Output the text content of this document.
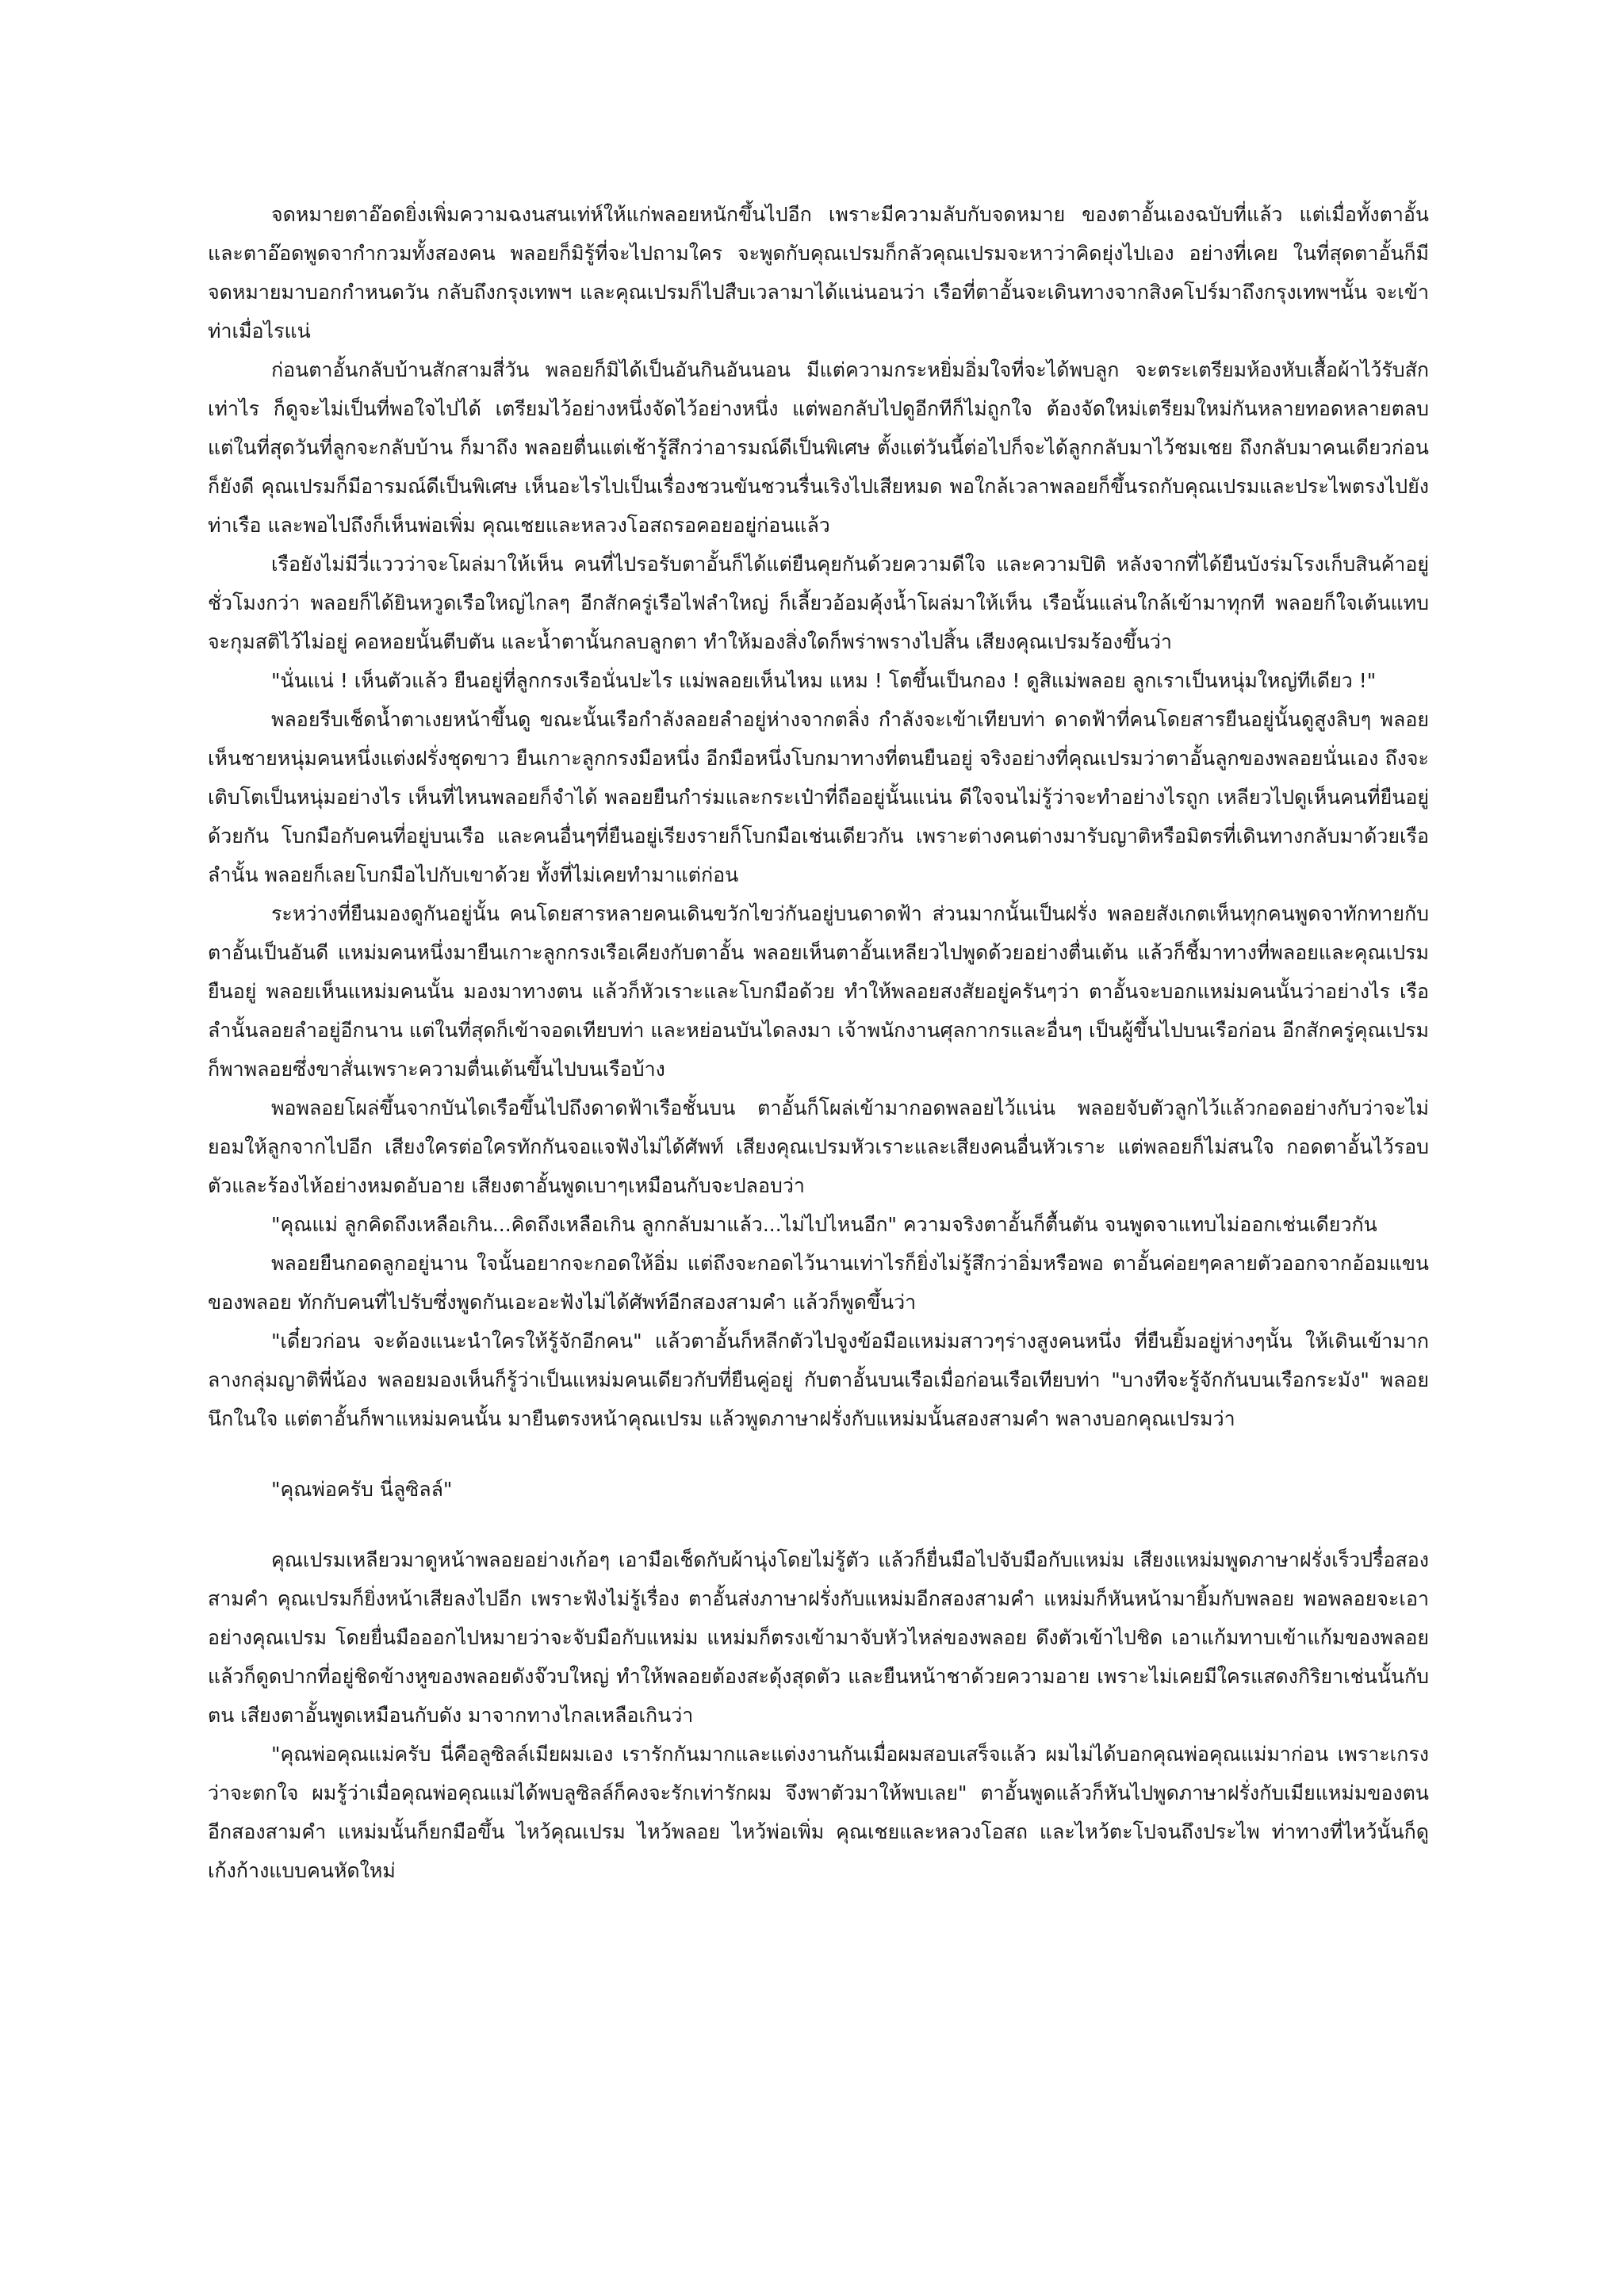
จดหมายตาอ๊อดยิ่งเพิ่มความฉงนสนเท่ห์ให้แก่พลอยหนักขึ้นไปอีก เพราะมีความลับกับจดหมาย ของตาอั้นเองฉบับที่แล้ว แต่เมื่อทั้งตาอั้นและตาอ๊อดพูดจากำกวมทั้งสองคน พลอยก็มิรู้ที่จะไปถามใคร จะพูดกับคุณเปรมก็กลัวคุณเปรมจะหาว่าคิดยุ่งไปเอง อย่างที่เคย ในที่สุดตาอั้นก็มีจดหมายมาบอกกำหนดวัน กลับถึงกรุงเทพฯ และคุณเปรมก็ไปสืบเวลามาได้แน่นอนว่า เรือที่ตาอั้นจะเดินทางจากสิงคโปร์มาถึงกรุงเทพฯนั้น จะเข้าท่าเมื่อไรแน่

ก่อนตาอั้นกลับบ้านสักสามสี่วัน พลอยก็มิได้เป็นอันกินอันนอน มีแต่ความกระหยิ่มอิ่มใจที่จะได้พบลูก จะตระเตรียมห้องหับเสื้อผ้าไว้รับสักเท่าไร ก็ดูจะไม่เป็นที่พอใจไปได้ เตรียมไว้อย่างหนึ่งจัดไว้อย่างหนึ่ง แต่พอกลับไปดูอีกทีก็ไม่ถูกใจ ต้องจัดใหม่เตรียมใหม่กันหลายทอดหลายตลบ แต่ในที่สุดวันที่ลูกจะกลับบ้าน ก็มาถึง พลอยตื่นแต่เช้ารู้สึกว่าอารมณ์ดีเป็นพิเศษ ตั้งแต่วันนี้ต่อไปก็จะได้ลูกกลับมาไว้ชมเชย ถึงกลับมาคนเดียวก่อนก็ยังดี คุณเปรมก็มีอารมณ์ดีเป็นพิเศษ เห็นอะไรไปเป็นเรื่องชวนขันชวนรื่นเริงไปเสียหมด พอใกล้เวลาพลอยก็ขึ้นรถกับคุณเปรมและประไพตรงไปยังท่าเรือ และพอไปถึงก็เห็นพ่อเพิ่ม คุณเชยและหลวงโอสถรอคอยอยู่ก่อนแล้ว

เรือยังไม่มีวี่แววว่าจะโผล่มาให้เห็น คนที่ไปรอรับตาอั้นก็ได้แต่ยืนคุยกันด้วยความดีใจ และความปิติ หลังจากที่ได้ยืนบังร่มโรงเก็บสินค้าอยู่ชั่วโมงกว่า พลอยก็ได้ยินหวูดเรือใหญ่ไกลๆ อีกสักครู่เรือไฟลำใหญ่ ก็เลี้ยวอ้อมคุ้งน้ำโผล่มาให้เห็น เรือนั้นแล่นใกล้เข้ามาทุกที พลอยก็ใจเต้นแทบจะกุมสติไว้ไม่อยู่ คอหอยนั้นตีบตัน และน้ำตานั้นกลบลูกตา ทำให้มองสิ่งใดก็พร่าพรางไปสิ้น เสียงคุณเปรมร้องขึ้นว่า

"นั่นแน่ ! เห็นตัวแล้ว ยืนอยู่ที่ลูกกรงเรือนั่นปะไร แม่พลอยเห็นไหม แหม ! โตขึ้นเป็นกอง ! ดูสิแม่พลอย ลูกเราเป็นหนุ่มใหญ่ทีเดียว !"

พลอยรีบเช็ดน้ำตาเงยหน้าขึ้นดู ขณะนั้นเรือกำลังลอยลำอยู่ห่างจากตลิ่ง กำลังจะเข้าเทียบท่า ดาดฟ้าที่คนโดยสารยืนอยู่นั้นดูสูงลิบๆ พลอยเห็นชายหนุ่มคนหนึ่งแต่งฝรั่งชุดขาว ยืนเกาะลูกกรงมือหนึ่ง อีกมือหนึ่งโบกมาทางที่ตนยืนอยู่ จริงอย่างที่คุณเปรมว่าตาอั้นลูกของพลอยนั่นเอง ถึงจะเติบโตเป็นหนุ่มอย่างไร เห็นที่ไหนพลอยก็จำได้ พลอยยืนกำร่มและกระเป๋าที่ถืออยู่นั้นแน่น ดีใจจนไม่รู้ว่าจะทำอย่างไรถูก เหลียวไปดูเห็นคนที่ยืนอยู่ด้วยกัน โบกมือกับคนที่อยู่บนเรือ และคนอื่นๆที่ยืนอยู่เรียงรายก็โบกมือเช่นเดียวกัน เพราะต่างคนต่างมารับญาติหรือมิตรที่เดินทางกลับมาด้วยเรือลำนั้น พลอยก็เลยโบกมือไปกับเขาด้วย ทั้งที่ไม่เคยทำมาแต่ก่อน

ระหว่างที่ยืนมองดูกันอยู่นั้น คนโดยสารหลายคนเดินขวักไขว่กันอยู่บนดาดฟ้า ส่วนมากนั้นเป็นฝรั่ง พลอยสังเกตเห็นทุกคนพูดจาทักทายกับตาอั้นเป็นอันดี แหม่มคนหนึ่งมายืนเกาะลูกกรงเรือเคียงกับตาอั้น พลอยเห็นตาอั้นเหลียวไปพูดด้วยอย่างตื่นเต้น แล้วก็ชี้มาทางที่พลอยและคุณเปรมยืนอยู่ พลอยเห็นแหม่มคนนั้น มองมาทางตน แล้วก็หัวเราะและโบกมือด้วย ทำให้พลอยสงสัยอยู่ครันๆว่า ตาอั้นจะบอกแหม่มคนนั้นว่าอย่างไร เรือลำนั้นลอยลำอยู่อีกนาน แต่ในที่สุดก็เข้าจอดเทียบท่า และหย่อนบันไดลงมา เจ้าพนักงานศุลกากรและอื่นๆ เป็นผู้ขึ้นไปบนเรือก่อน อีกสักครู่คุณเปรมก็พาพลอยซึ่งขาสั่นเพราะความตื่นเต้นขึ้นไปบนเรือบ้าง

พอพลอยโผล่ขึ้นจากบันไดเรือขึ้นไปถึงดาดฟ้าเรือชั้นบน ตาอั้นก็โผล่เข้ามากอดพลอยไว้แน่น พลอยจับตัวลูกไว้แล้วกอดอย่างกับว่าจะไม่ยอมให้ลูกจากไปอีก เสียงใครต่อใครทักกันจอแจฟังไม่ได้ศัพท์ เสียงคุณเปรมหัวเราะและเสียงคนอื่นหัวเราะ แต่พลอยก็ไม่สนใจ กอดตาอั้นไว้รอบตัวและร้องไห้อย่างหมดอับอาย เสียงตาอั้นพูดเบาๆเหมือนกับจะปลอบว่า

"คุณแม่ ลูกคิดถึงเหลือเกิน...คิดถึงเหลือเกิน ลูกกลับมาแล้ว...ไม่ไปไหนอีก" ความจริงตาอั้นก็ตื้นตัน จนพูดจาแทบไม่ออกเช่นเดียวกัน

พลอยยืนกอดลูกอยู่นาน ใจนั้นอยากจะกอดให้อิ่ม แต่ถึงจะกอดไว้นานเท่าไรก็ยิ่งไม่รู้สึกว่าอิ่มหรือพอ ตาอั้นค่อยๆคลายตัวออกจากอ้อมแขนของพลอย ทักกับคนที่ไปรับซึ่งพูดกันเอะอะฟังไม่ได้ศัพท์อีกสองสามคำ แล้วก็พูดขึ้นว่า

"เดี๋ยวก่อน จะต้องแนะนำใครให้รู้จักอีกคน" แล้วตาอั้นก็หลีกตัวไปจูงข้อมือแหม่มสาวๆร่างสูงคนหนึ่ง ที่ยืนยิ้มอยู่ห่างๆนั้น ให้เดินเข้ามากลางกลุ่มญาติพี่น้อง พลอยมองเห็นก็รู้ว่าเป็นแหม่มคนเดียวกับที่ยืนคู่อยู่ กับตาอั้นบนเรือเมื่อก่อนเรือเทียบท่า "บางทีจะรู้จักกันบนเรือกระมัง" พลอยนึกในใจ แต่ตาอั้นก็พาแหม่มคนนั้น มายืนตรงหน้าคุณเปรม แล้วพูดภาษาฝรั่งกับแหม่มนั้นสองสามคำ พลางบอกคุณเปรมว่า

"คุณพ่อครับ นี่ลูซิลล์"

คุณเปรมเหลียวมาดูหน้าพลอยอย่างเก้อๆ เอามือเช็ดกับผ้านุ่งโดยไม่รู้ตัว แล้วก็ยื่นมือไปจับมือกับแหม่ม เสียงแหม่มพูดภาษาฝรั่งเร็วปรื๋อสองสามคำ คุณเปรมก็ยิ่งหน้าเสียลงไปอีก เพราะฟังไม่รู้เรื่อง ตาอั้นส่งภาษาฝรั่งกับแหม่มอีกสองสามคำ แหม่มก็หันหน้ามายิ้มกับพลอย พอพลอยจะเอาอย่างคุณเปรม โดยยื่นมือออกไปหมายว่าจะจับมือกับแหม่ม แหม่มก็ตรงเข้ามาจับหัวไหล่ของพลอย ดึงตัวเข้าไปชิด เอาแก้มทาบเข้าแก้มของพลอย แล้วก็ดูดปากที่อยู่ชิดข้างหูของพลอยดังจ๊วบใหญ่ ทำให้พลอยต้องสะดุ้งสุดตัว และยืนหน้าชาด้วยความอาย เพราะไม่เคยมีใครแสดงกิริยาเช่นนั้นกับตน เสียงตาอั้นพูดเหมือนกับดัง มาจากทางไกลเหลือเกินว่า

"คุณพ่อคุณแม่ครับ นี่คือลูซิลล์เมียผมเอง เรารักกันมากและแต่งงานกันเมื่อผมสอบเสร็จแล้ว ผมไม่ได้บอกคุณพ่อคุณแม่มาก่อน เพราะเกรงว่าจะตกใจ ผมรู้ว่าเมื่อคุณพ่อคุณแม่ได้พบลูซิลล์ก็คงจะรักเท่ารักผม จึงพาตัวมาให้พบเลย" ตาอั้นพูดแล้วก็หันไปพูดภาษาฝรั่งกับเมียแหม่มของตนอีกสองสามคำ แหม่มนั้นก็ยกมือขึ้น ไหว้คุณเปรม ไหว้พลอย ไหว้พ่อเพิ่ม คุณเชยและหลวงโอสถ และไหว้ตะโปจนถึงประไพ ท่าทางที่ไหว้นั้นก็ดูเก้งก้างแบบคนหัดใหม่
